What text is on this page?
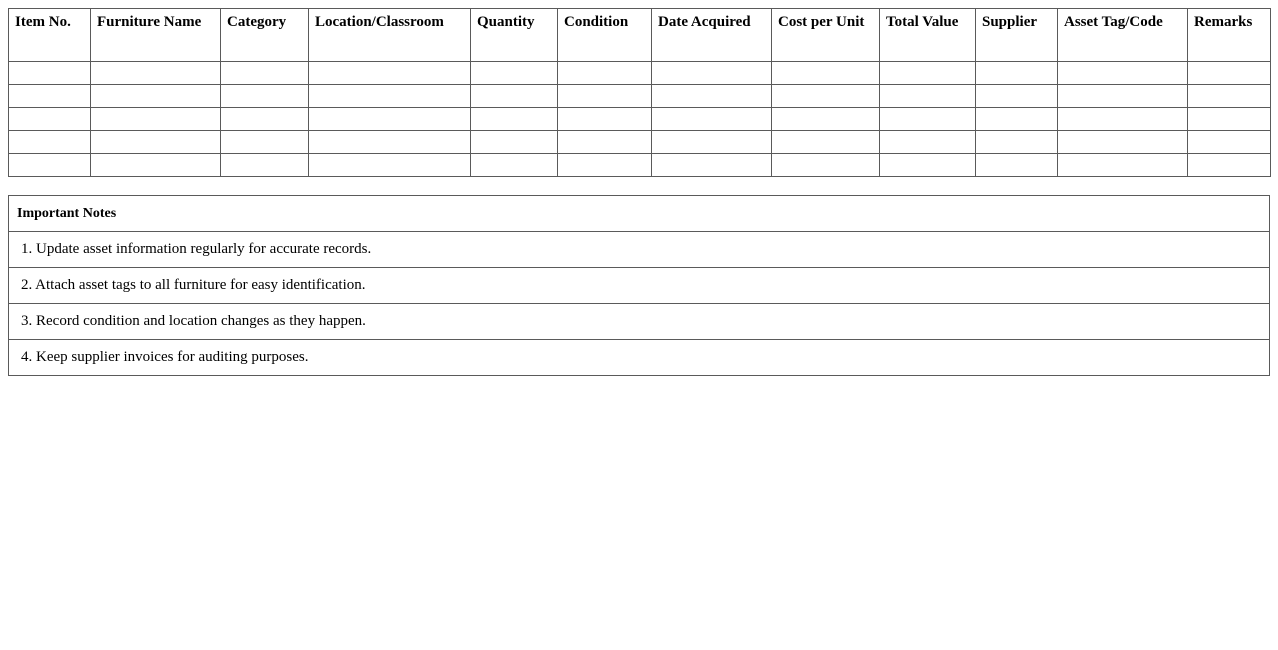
Item No.	Furniture Name	Category	Location/Classroom	Quantity	Condition	Date Acquired	Cost per Unit	Total Value	Supplier	Asset Tag/Code	Remarks

Important Notes
1. Update asset information regularly for accurate records.
2. Attach asset tags to all furniture for easy identification.
3. Record condition and location changes as they happen.
4. Keep supplier invoices for auditing purposes.
